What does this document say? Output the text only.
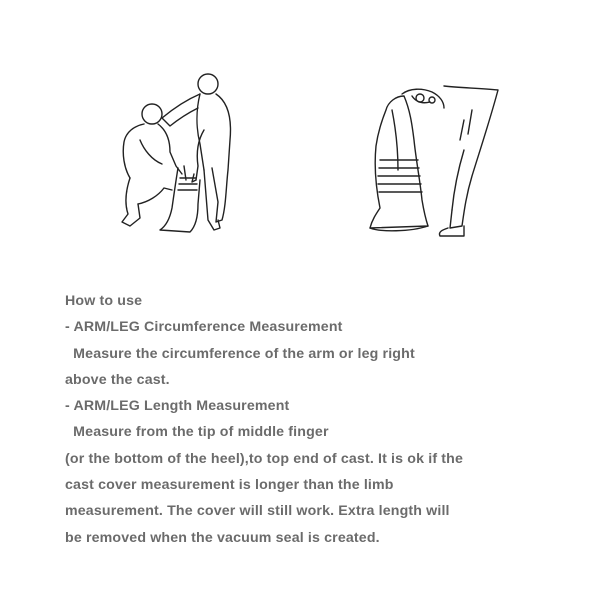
How to use
- ARM/LEG Circumference Measurement
Measure the circumference of the arm or leg right
above the cast.
- ARM/LEG Length Measurement
Measure from the tip of middle finger
(or the bottom of the heel),to top end of cast. It is ok if the
cast cover measurement is longer than the limb
measurement. The cover will still work. Extra length will
be removed when the vacuum seal is created.
